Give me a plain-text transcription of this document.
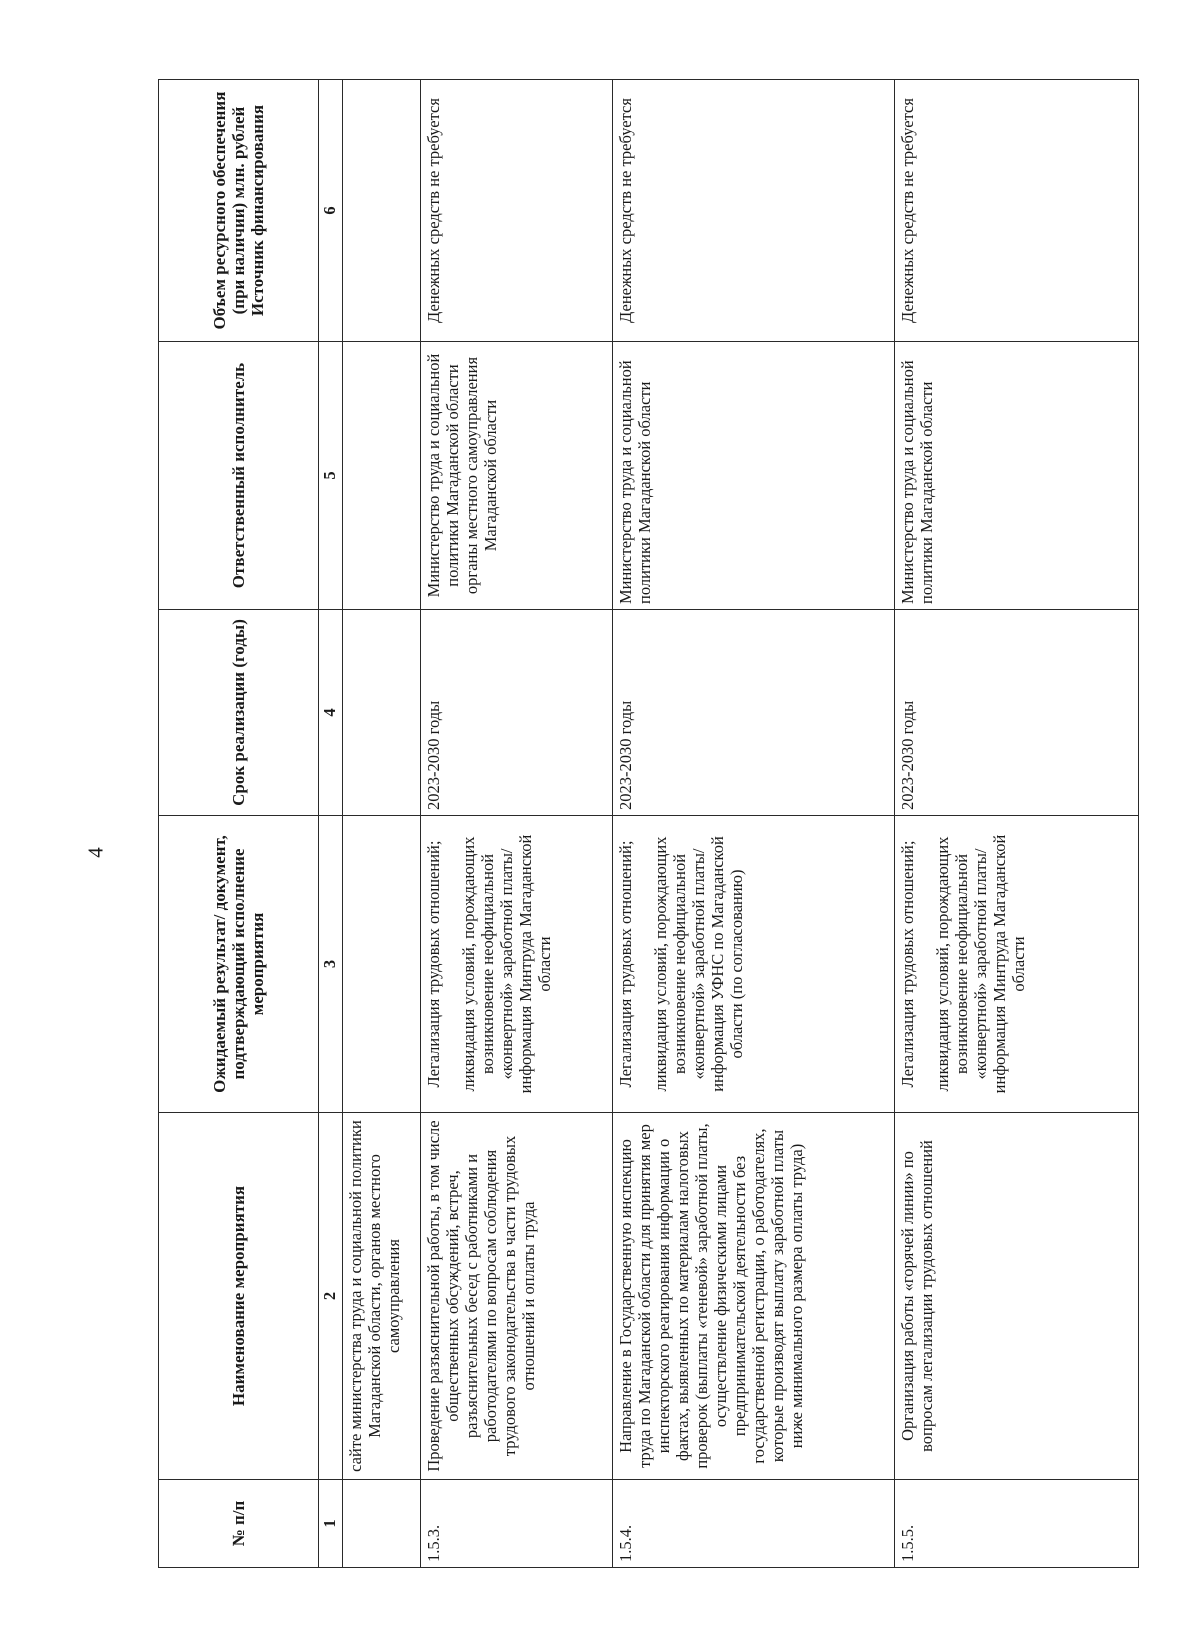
4
№ п/п	Наименование мероприятия	Ожидаемый результат/ документ, подтверждающий исполнение мероприятия	Срок реализации (годы)	Ответственный исполнитель	Объем ресурсного обеспечения (при наличии) млн. рублей Источник финансирования
1	2	3	4	5	6
	сайте министерства труда и социальной политики Магаданской области, органов местного самоуправления				
1.5.3.	Проведение разъяснительной работы, в том числе общественных обсуждений, встреч, разъяснительных бесед с работниками и работодателями по вопросам соблюдения трудового законодательства в части трудовых отношений и оплаты труда	Легализация трудовых отношений; ликвидация условий, порождающих возникновение неофициальной «конвертной» заработной платы/информация Минтруда Магаданской области	2023-2030 годы	Министерство труда и социальной политики Магаданской области органы местного самоуправления Магаданской области	Денежных средств не требуется
1.5.4.	Направление в Государственную инспекцию труда по Магаданской области для принятия мер инспекторского реагирования информации о фактах, выявленных по материалам налоговых проверок (выплаты «теневой» заработной платы, осуществление физическими лицами предпринимательской деятельности без государственной регистрации, о работодателях, которые производят выплату заработной платы ниже минимального размера оплаты труда)	Легализация трудовых отношений; ликвидация условий, порождающих возникновение неофициальной «конвертной» заработной платы/информация УФНС по Магаданской области (по согласованию)	2023-2030 годы	Министерство труда и социальной политики Магаданской области	Денежных средств не требуется
1.5.5.	Организация работы «горячей линии» по вопросам легализации трудовых отношений	Легализация трудовых отношений; ликвидация условий, порождающих возникновение неофициальной «конвертной» заработной платы/информация Минтруда Магаданской области	2023-2030 годы	Министерство труда и социальной политики Магаданской области	Денежных средств не требуется
